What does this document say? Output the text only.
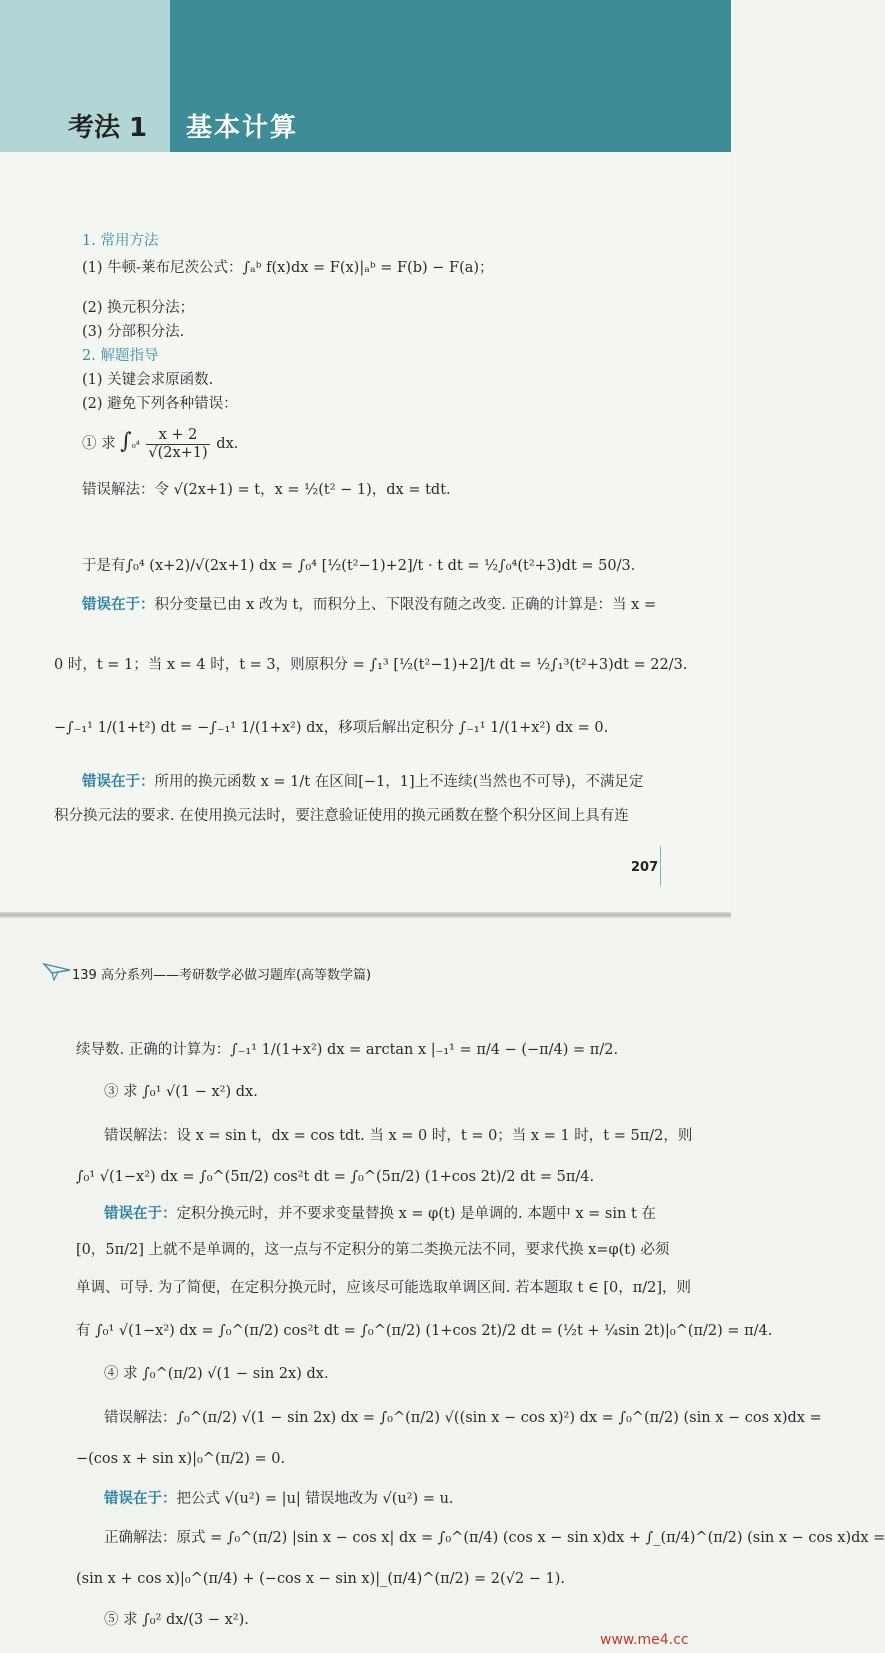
考法 1 基本计算
1. 常用方法
(1) 牛顿-莱布尼茨公式：∫ₐᵇ f(x)dx = F(x)|ₐᵇ = F(b) − F(a)；
(2) 换元积分法；
(3) 分部积分法.
2. 解题指导
(1) 关键会求原函数.
(2) 避免下列各种错误：
① 求 $\int_0^4 \frac{x + 2}{√(2x+1)}$ dx.
错误解法：令 √(2x+1) = t，x = ½(t² − 1)，dx = tdt.
于是有∫₀⁴ (x+2)/√(2x+1) dx = ∫₀⁴ [½(t²−1)+2]/t · t dt = ½∫₀⁴(t²+3)dt = 50/3.
错误在于：积分变量已由 x 改为 t，而积分上、下限没有随之改变. 正确的计算是：当 x =
0 时，t = 1；当 x = 4 时，t = 3，则原积分 = ∫₁³ [½(t²−1)+2]/t dt = ½∫₁³(t²+3)dt = 22/3.
−∫₋₁¹ 1/(1+t²) dt = −∫₋₁¹ 1/(1+x²) dx，移项后解出定积分 ∫₋₁¹ 1/(1+x²) dx = 0.
错误在于：所用的换元函数 x = 1/t 在区间[−1，1]上不连续(当然也不可导)，不满足定
积分换元法的要求. 在使用换元法时，要注意验证使用的换元函数在整个积分区间上具有连
207
139 高分系列——考研数学必做习题库(高等数学篇)
续导数. 正确的计算为：∫₋₁¹ 1/(1+x²) dx = arctan x |₋₁¹ = π/4 − (−π/4) = π/2.
③ 求 ∫₀¹ √(1 − x²) dx.
错误解法：设 x = sin t，dx = cos tdt. 当 x = 0 时，t = 0；当 x = 1 时，t = 5π/2，则
∫₀¹ √(1−x²) dx = ∫₀^(5π/2) cos²t dt = ∫₀^(5π/2) (1+cos 2t)/2 dt = 5π/4.
错误在于：定积分换元时，并不要求变量替换 x = φ(t) 是单调的. 本题中 x = sin t 在
[0，5π/2] 上就不是单调的，这一点与不定积分的第二类换元法不同，要求代换 x=φ(t) 必须
单调、可导. 为了简便，在定积分换元时，应该尽可能选取单调区间. 若本题取 t ∈ [0，π/2]，则
有 ∫₀¹ √(1−x²) dx = ∫₀^(π/2) cos²t dt = ∫₀^(π/2) (1+cos 2t)/2 dt = (½t + ¼sin 2t)|₀^(π/2) = π/4.
④ 求 ∫₀^(π/2) √(1 − sin 2x) dx.
错误解法：∫₀^(π/2) √(1 − sin 2x) dx = ∫₀^(π/2) √((sin x − cos x)²) dx = ∫₀^(π/2) (sin x − cos x)dx =
−(cos x + sin x)|₀^(π/2) = 0.
错误在于：把公式 √(u²) = |u| 错误地改为 √(u²) = u.
正确解法：原式 = ∫₀^(π/2) |sin x − cos x| dx = ∫₀^(π/4) (cos x − sin x)dx + ∫_(π/4)^(π/2) (sin x − cos x)dx =
(sin x + cos x)|₀^(π/4) + (−cos x − sin x)|_(π/4)^(π/2) = 2(√2 − 1).
⑤ 求 ∫₀² dx/(3 − x²).
www.me4.cc
